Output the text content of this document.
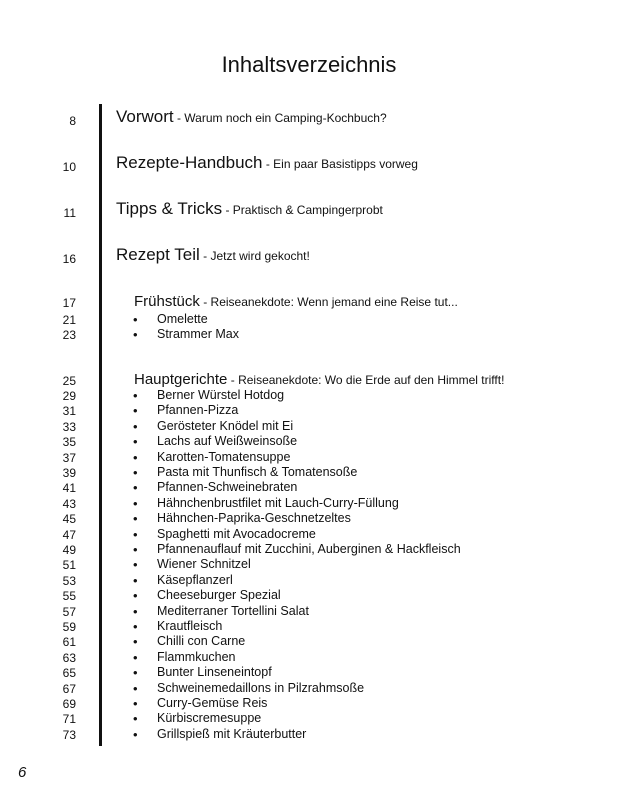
Inhaltsverzeichnis
8 Vorwort - Warum noch ein Camping-Kochbuch?
10 Rezepte-Handbuch - Ein paar Basistipps vorweg
11 Tipps & Tricks - Praktisch & Campingerprobt
16 Rezept Teil - Jetzt wird gekocht!
17	Frühstück - Reiseanekdote: Wenn jemand eine Reise tut...
21	• Omelette
23	• Strammer Max
25	Hauptgerichte - Reiseanekdote: Wo die Erde auf den Himmel trifft!
29	• Berner Würstel Hotdog
31	• Pfannen-Pizza
33	• Gerösteter Knödel mit Ei
35	• Lachs auf Weißweinsoße
37	• Karotten-Tomatensuppe
39	• Pasta mit Thunfisch & Tomatensoße
41	• Pfannen-Schweinebraten
43	• Hähnchenbrustfilet mit Lauch-Curry-Füllung
45	• Hähnchen-Paprika-Geschnetzeltes
47	• Spaghetti mit Avocadocreme
49	• Pfannenauflauf mit Zucchini, Auberginen & Hackfleisch
51	• Wiener Schnitzel
53	• Käsepflanzerl
55	• Cheeseburger Spezial
57	• Mediterraner Tortellini Salat
59	• Krautfleisch
61	• Chilli con Carne
63	• Flammkuchen
65	• Bunter Linseneintopf
67	• Schweinemedaillons in Pilzrahmsoße
69	• Curry-Gemüse Reis
71	• Kürbiscremesuppe
73	• Grillspieß mit Kräuterbutter
6
